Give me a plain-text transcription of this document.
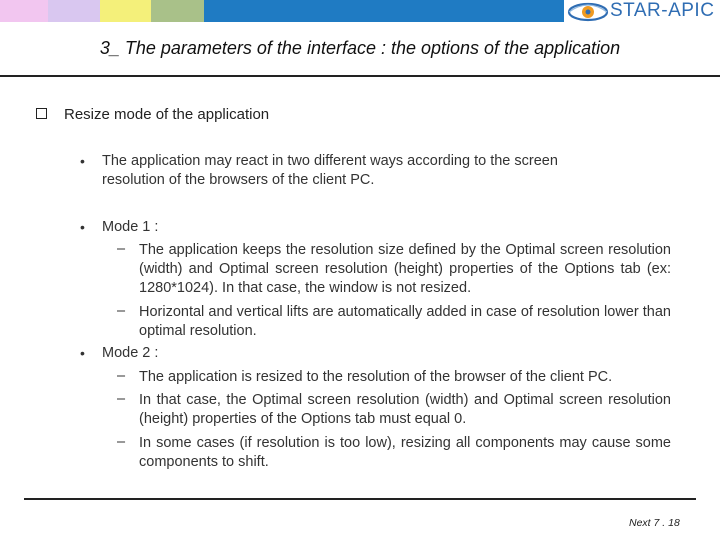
STAR-APIC
3_ The parameters of the interface : the options of the application
Resize mode of the application
• The application may react in two different ways according to the screen resolution of the browsers of the client PC.
• Mode 1 :
– The application keeps the resolution size defined by the Optimal screen resolution (width) and Optimal screen resolution (height) properties of the Options tab (ex: 1280*1024). In that case, the window is not resized.
– Horizontal and vertical lifts are automatically added in case of resolution lower than optimal resolution.
• Mode 2 :
– The application is resized to the resolution of the browser of the client PC.
– In that case, the Optimal screen resolution (width) and Optimal screen resolution (height) properties of the Options tab must equal 0.
– In some cases (if resolution is too low), resizing all components may cause some components to shift.
Next 7 . 18
